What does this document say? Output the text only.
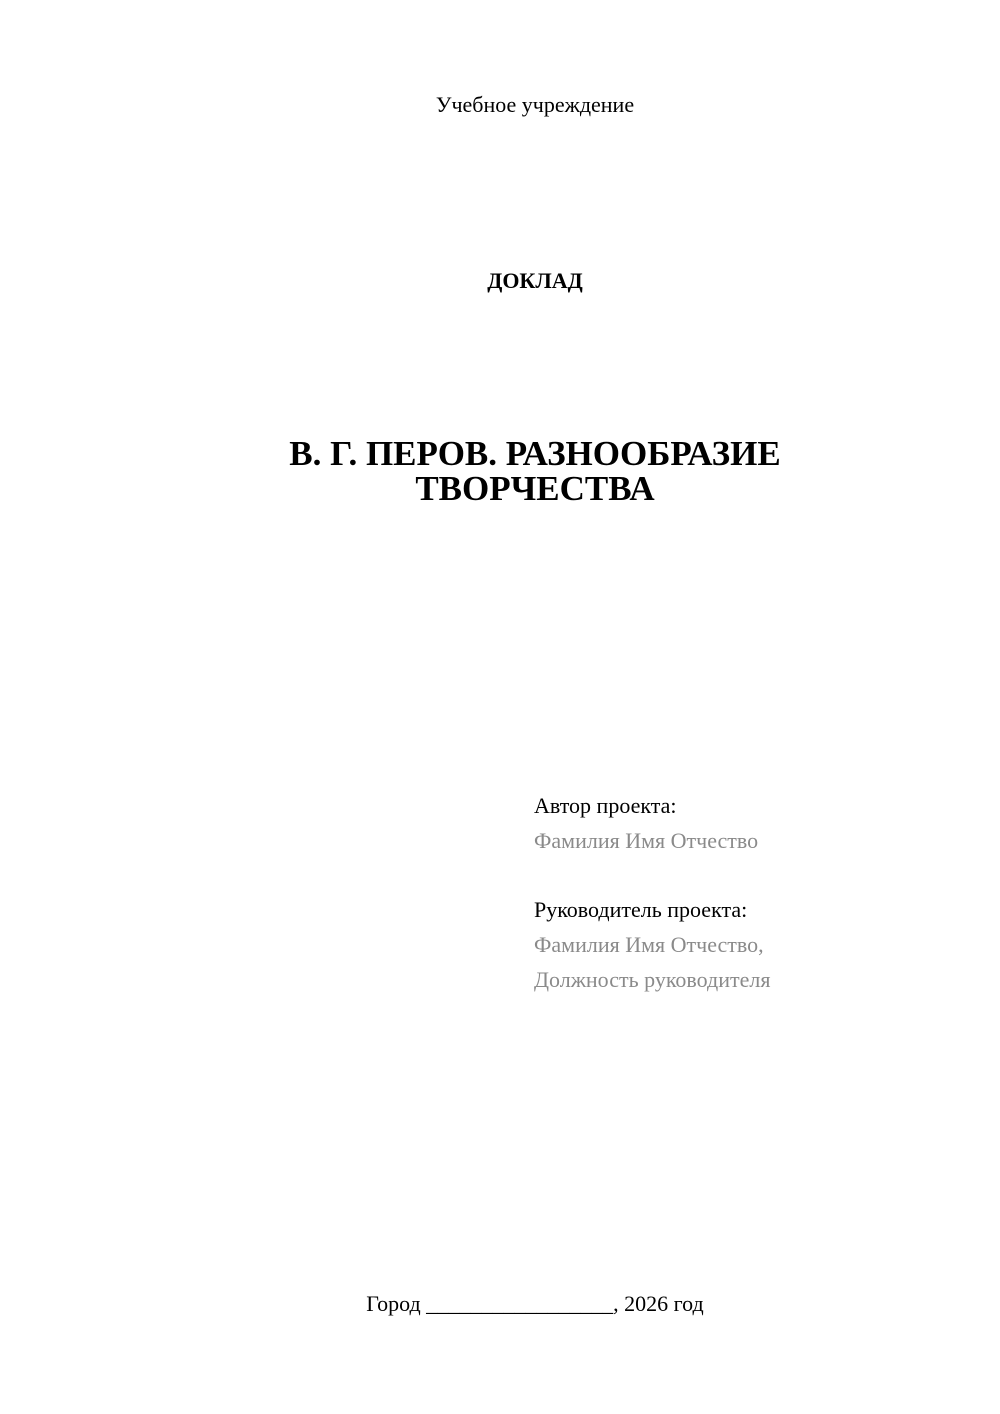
Учебное учреждение
ДОКЛАД
В. Г. ПЕРОВ. РАЗНООБРАЗИЕ
ТВОРЧЕСТВА
Автор проекта:
Фамилия Имя Отчество
Руководитель проекта:
Фамилия Имя Отчество,
Должность руководителя
Город _________________, 2026 год
